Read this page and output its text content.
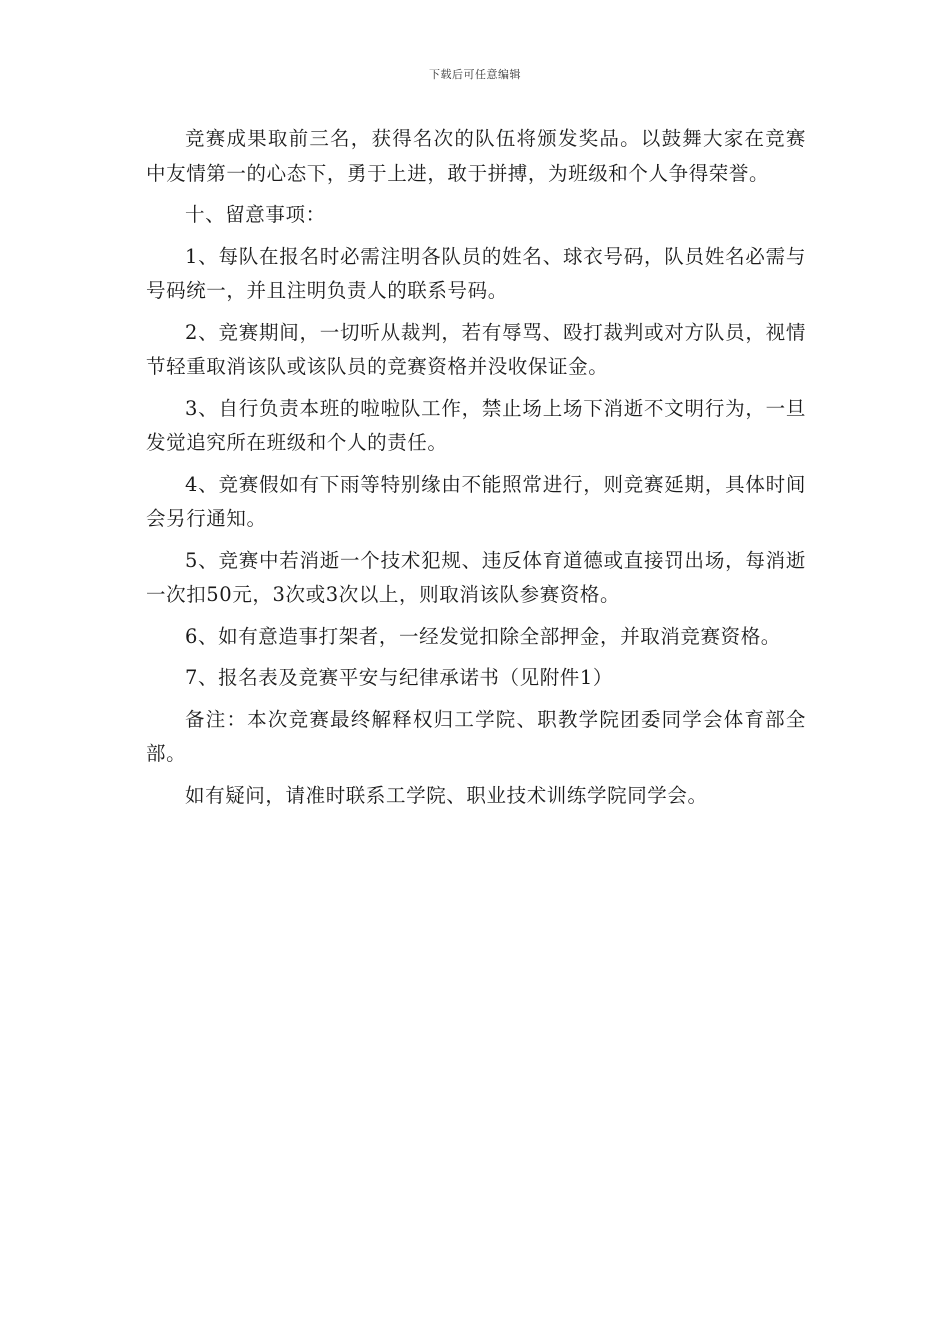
下载后可任意编辑

竞赛成果取前三名，获得名次的队伍将颁发奖品。以鼓舞大家在竞赛中友情第一的心态下，勇于上进，敢于拼搏，为班级和个人争得荣誉。

十、留意事项：

1、每队在报名时必需注明各队员的姓名、球衣号码，队员姓名必需与号码统一，并且注明负责人的联系号码。

2、竞赛期间，一切听从裁判，若有辱骂、殴打裁判或对方队员，视情节轻重取消该队或该队员的竞赛资格并没收保证金。

3、自行负责本班的啦啦队工作，禁止场上场下消逝不文明行为，一旦发觉追究所在班级和个人的责任。

4、竞赛假如有下雨等特别缘由不能照常进行，则竞赛延期，具体时间会另行通知。

5、竞赛中若消逝一个技术犯规、违反体育道德或直接罚出场，每消逝一次扣50元，3次或3次以上，则取消该队参赛资格。

6、如有意造事打架者，一经发觉扣除全部押金，并取消竞赛资格。

7、报名表及竞赛平安与纪律承诺书（见附件1）

备注：本次竞赛最终解释权归工学院、职教学院团委同学会体育部全部。

如有疑问，请准时联系工学院、职业技术训练学院同学会。
